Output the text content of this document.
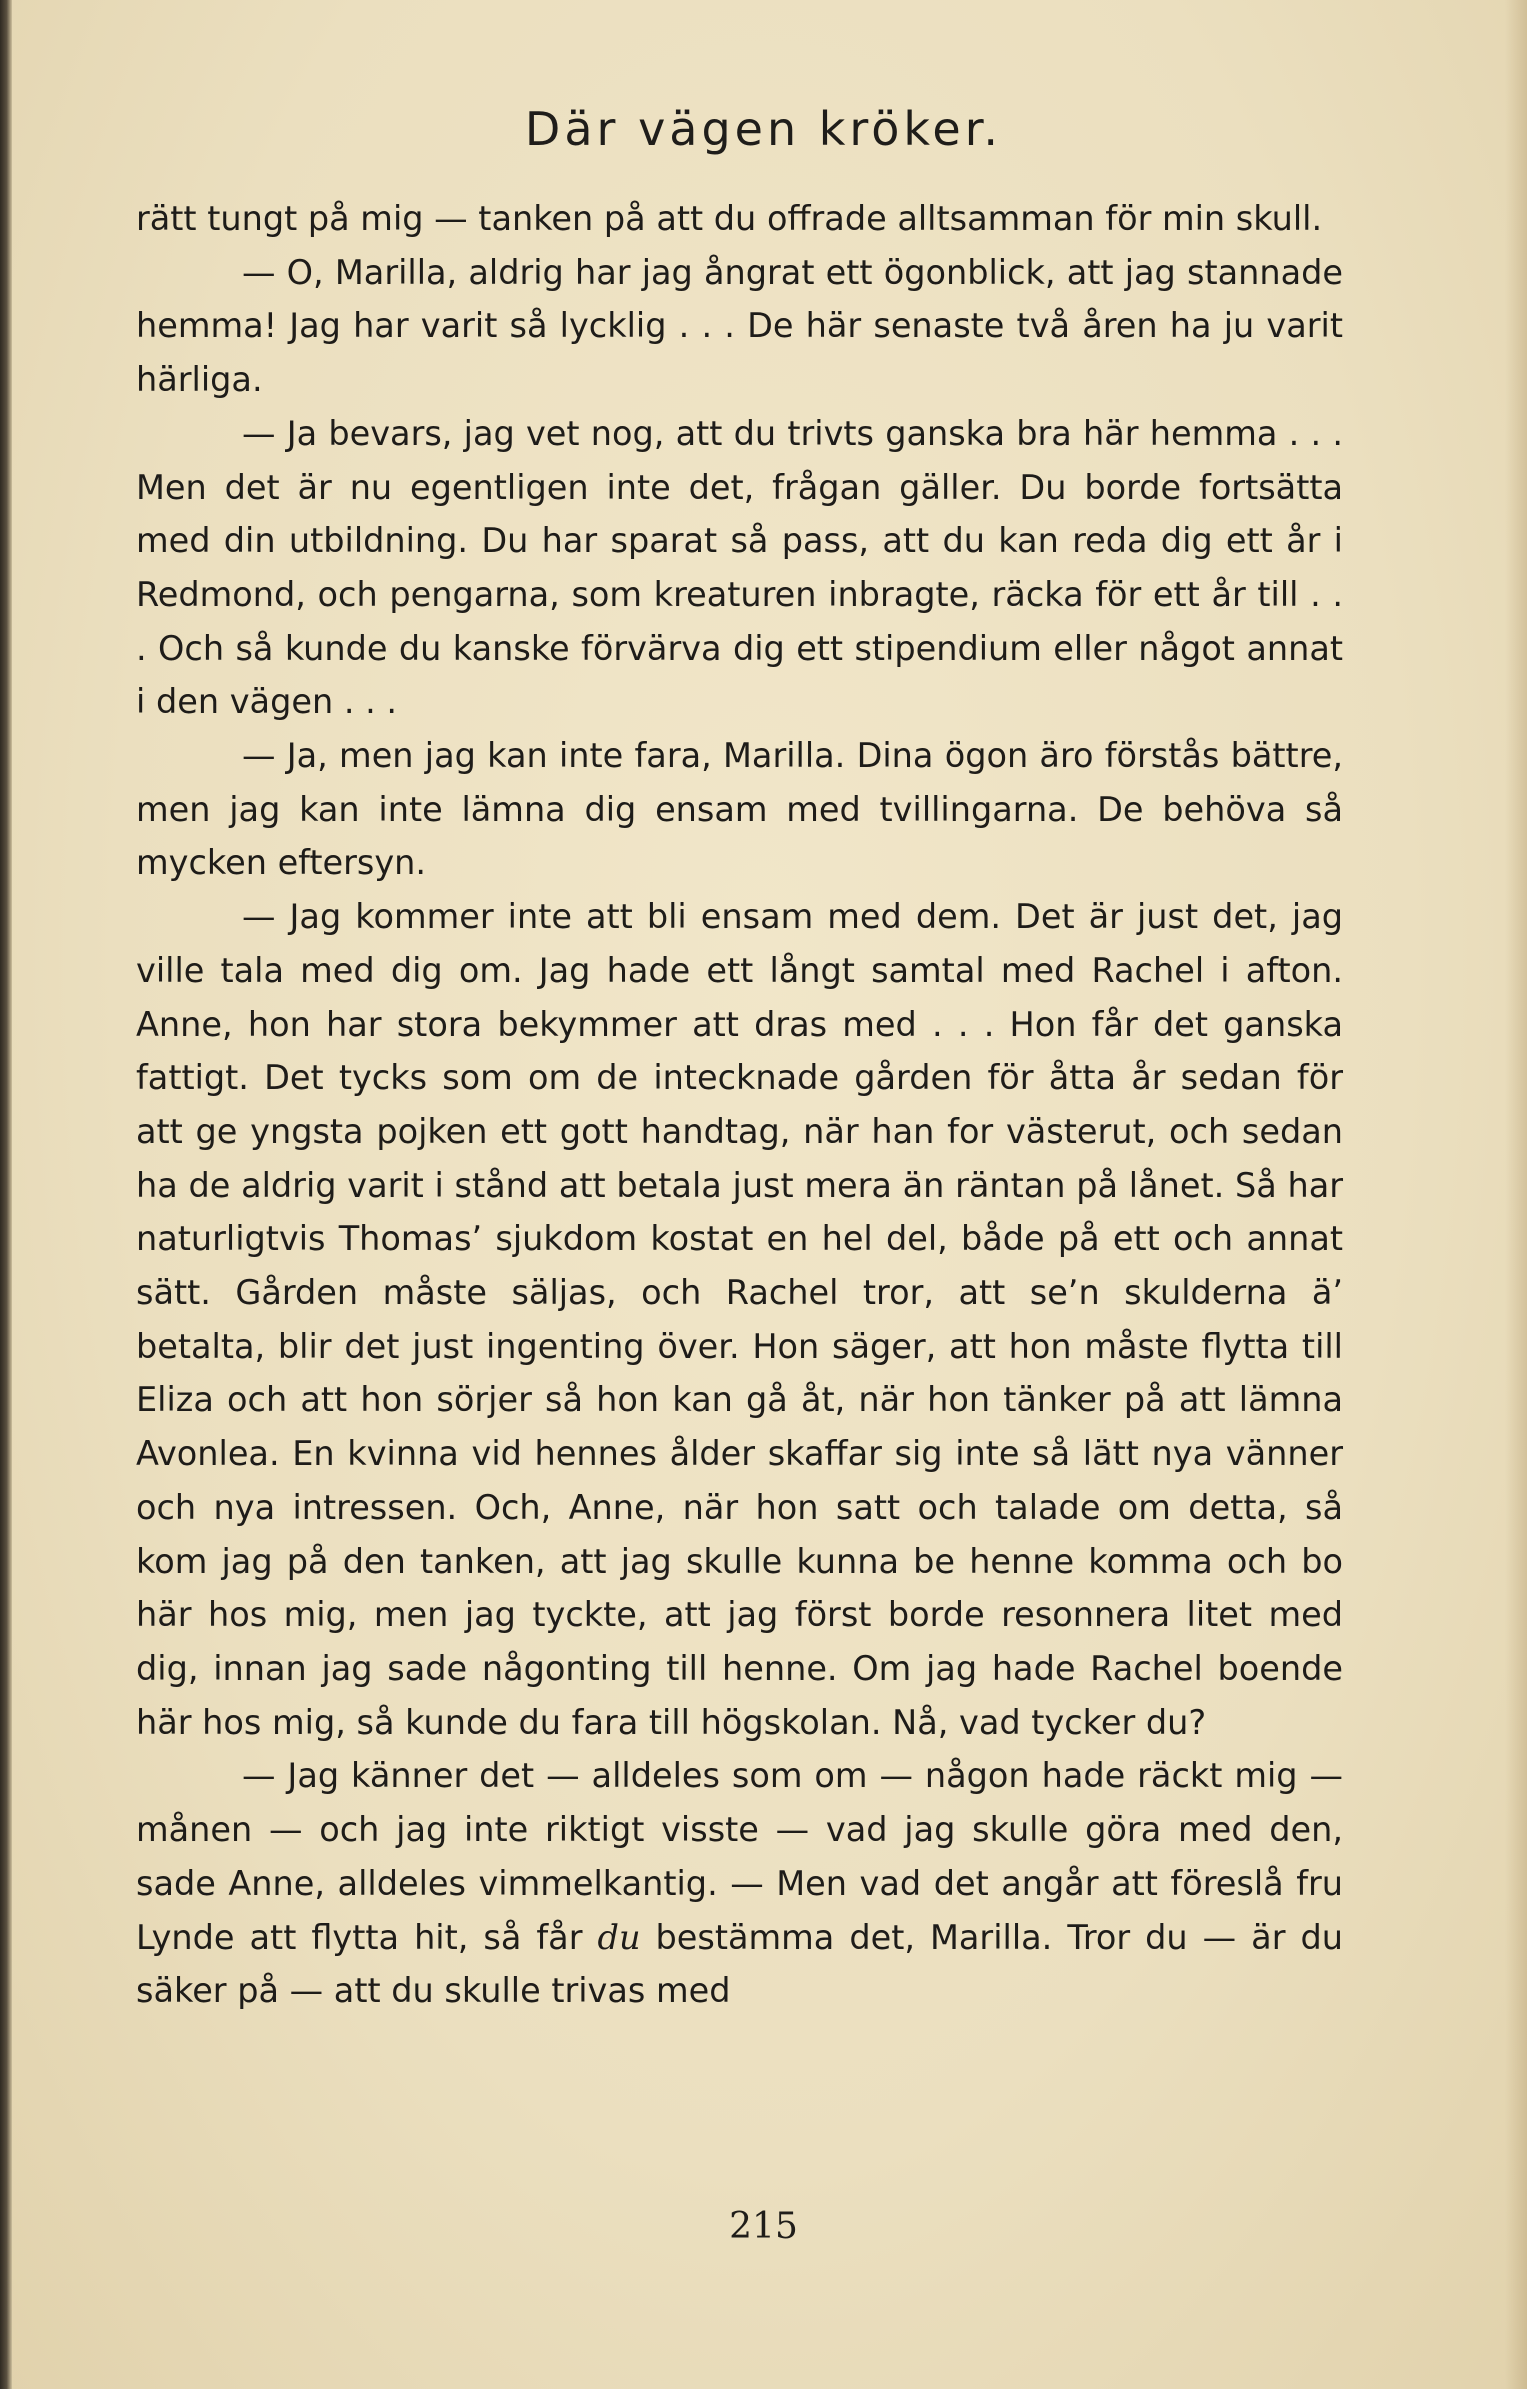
Där vägen kröker.

rätt tungt på mig — tanken på att du offrade alltsamman för min skull.

— O, Marilla, aldrig har jag ångrat ett ögonblick, att jag stannade hemma! Jag har varit så lycklig . . . De här senaste två åren ha ju varit härliga.

— Ja bevars, jag vet nog, att du trivts ganska bra här hemma . . . Men det är nu egentligen inte det, frågan gäller. Du borde fortsätta med din utbildning. Du har sparat så pass, att du kan reda dig ett år i Redmond, och pengarna, som kreaturen inbragte, räcka för ett år till . . . Och så kunde du kanske förvärva dig ett stipendium eller något annat i den vägen . . .

— Ja, men jag kan inte fara, Marilla. Dina ögon äro förstås bättre, men jag kan inte lämna dig ensam med tvillingarna. De behöva så mycken eftersyn.

— Jag kommer inte att bli ensam med dem. Det är just det, jag ville tala med dig om. Jag hade ett långt samtal med Rachel i afton. Anne, hon har stora bekymmer att dras med . . . Hon får det ganska fattigt. Det tycks som om de intecknade gården för åtta år sedan för att ge yngsta pojken ett gott handtag, när han for västerut, och sedan ha de aldrig varit i stånd att betala just mera än räntan på lånet. Så har naturligtvis Thomas’ sjukdom kostat en hel del, både på ett och annat sätt. Gården måste säljas, och Rachel tror, att se’n skulderna ä’ betalta, blir det just ingenting över. Hon säger, att hon måste flytta till Eliza och att hon sörjer så hon kan gå åt, när hon tänker på att lämna Avonlea. En kvinna vid hennes ålder skaffar sig inte så lätt nya vänner och nya intressen. Och, Anne, när hon satt och talade om detta, så kom jag på den tanken, att jag skulle kunna be henne komma och bo här hos mig, men jag tyckte, att jag först borde resonnera litet med dig, innan jag sade någonting till henne. Om jag hade Rachel boende här hos mig, så kunde du fara till högskolan. Nå, vad tycker du?

— Jag känner det — alldeles som om — någon hade räckt mig — månen — och jag inte riktigt visste — vad jag skulle göra med den, sade Anne, alldeles vimmelkantig. — Men vad det angår att föreslå fru Lynde att flytta hit, så får du bestämma det, Marilla. Tror du — är du säker på — att du skulle trivas med

215
